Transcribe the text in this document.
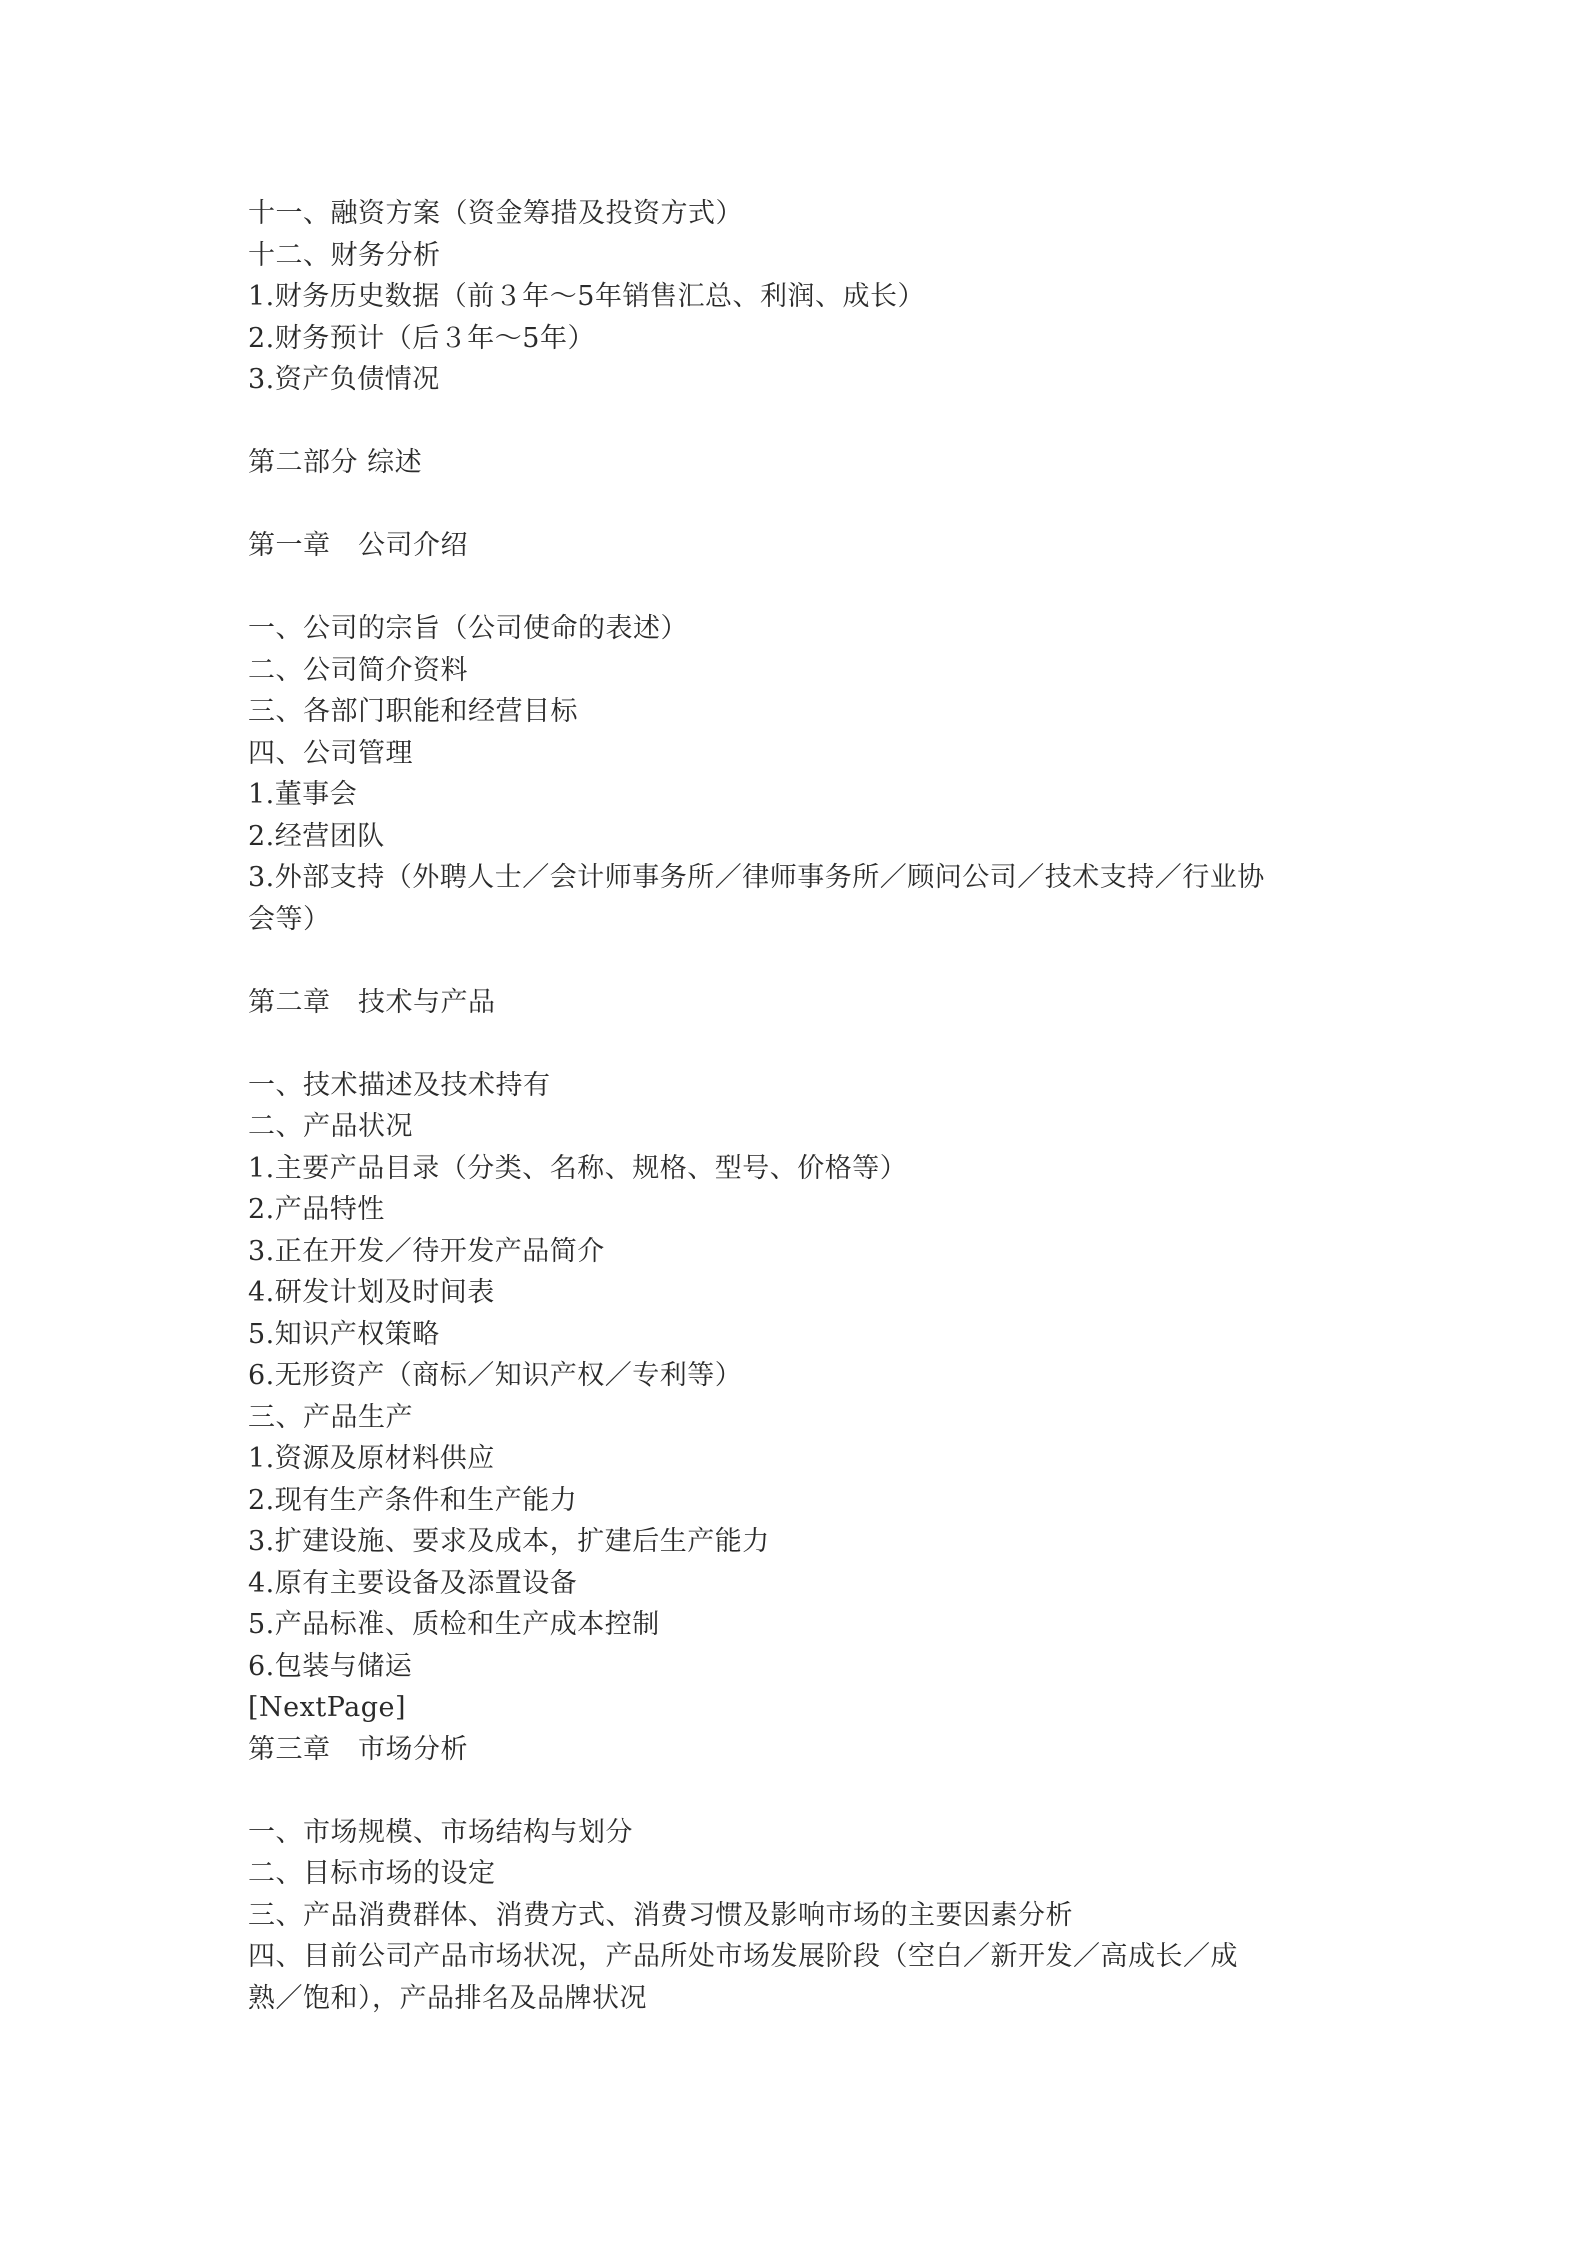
十一、融资方案（资金筹措及投资方式）
十二、财务分析
1.财务历史数据（前３年～5年销售汇总、利润、成长）
2.财务预计（后３年～5年）
3.资产负债情况
第二部分 综述
第一章　公司介绍
一、公司的宗旨（公司使命的表述）
二、公司简介资料
三、各部门职能和经营目标
四、公司管理
1.董事会
2.经营团队
3.外部支持（外聘人士／会计师事务所／律师事务所／顾问公司／技术支持／行业协
会等）
第二章　技术与产品
一、技术描述及技术持有
二、产品状况
1.主要产品目录（分类、名称、规格、型号、价格等）
2.产品特性
3.正在开发／待开发产品简介
4.研发计划及时间表
5.知识产权策略
6.无形资产（商标／知识产权／专利等）
三、产品生产
1.资源及原材料供应
2.现有生产条件和生产能力
3.扩建设施、要求及成本，扩建后生产能力
4.原有主要设备及添置设备
5.产品标准、质检和生产成本控制
6.包装与储运
[NextPage]
第三章　市场分析
一、市场规模、市场结构与划分
二、目标市场的设定
三、产品消费群体、消费方式、消费习惯及影响市场的主要因素分析
四、目前公司产品市场状况，产品所处市场发展阶段（空白／新开发／高成长／成
熟／饱和），产品排名及品牌状况
